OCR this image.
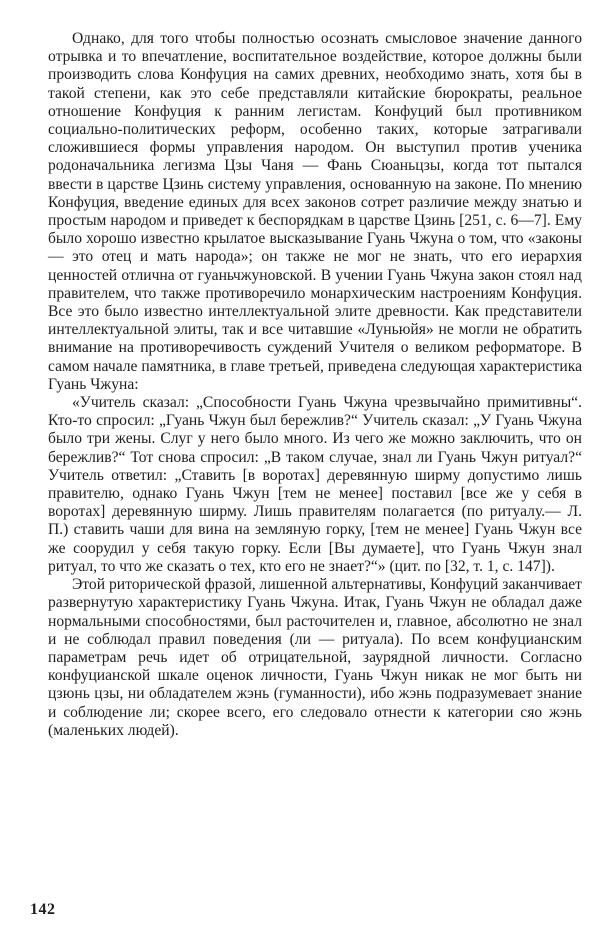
Однако, для того чтобы полностью осознать смысловое значение данного отрывка и то впечатление, воспитательное воздействие, которое должны были производить слова Конфуция на самих древних, необходимо знать, хотя бы в такой степени, как это себе представляли китайские бюрократы, реальное отношение Конфуция к ранним легистам. Конфуций был противником социально-политических реформ, особенно таких, которые затрагивали сложившиеся формы управления народом. Он выступил против ученика родоначальника легизма Цзы Чаня — Фань Сюаньцзы, когда тот пытался ввести в царстве Цзинь систему управления, основанную на законе. По мнению Конфуция, введение единых для всех законов сотрет различие между знатью и простым народом и приведет к беспорядкам в царстве Цзинь [251, с. 6—7]. Ему было хорошо известно крылатое высказывание Гуань Чжуна о том, что «законы — это отец и мать народа»; он также не мог не знать, что его иерархия ценностей отлична от гуаньчжуновской. В учении Гуань Чжуна закон стоял над правителем, что также противоречило монархическим настроениям Конфуция. Все это было известно интеллектуальной элите древности. Как представители интеллектуальной элиты, так и все читавшие «Луньюйя» не могли не обратить внимание на противоречивость суждений Учителя о великом реформаторе. В самом начале памятника, в главе третьей, приведена следующая характеристика Гуань Чжуна:

«Учитель сказал: „Способности Гуань Чжуна чрезвычайно примитивны“. Кто-то спросил: „Гуань Чжун был бережлив?“ Учитель сказал: „У Гуань Чжуна было три жены. Слуг у него было много. Из чего же можно заключить, что он бережлив?“ Тот снова спросил: „В таком случае, знал ли Гуань Чжун ритуал?“ Учитель ответил: „Ставить [в воротах] деревянную ширму допустимо лишь правителю, однако Гуань Чжун [тем не менее] поставил [все же у себя в воротах] деревянную ширму. Лишь правителям полагается (по ритуалу.— Л. П.) ставить чаши для вина на земляную горку, [тем не менее] Гуань Чжун все же соорудил у себя такую горку. Если [Вы думаете], что Гуань Чжун знал ритуал, то что же сказать о тех, кто его не знает?“» (цит. по [32, т. 1, с. 147]).

Этой риторической фразой, лишенной альтернативы, Конфуций заканчивает развернутую характеристику Гуань Чжуна. Итак, Гуань Чжун не обладал даже нормальными способностями, был расточителен и, главное, абсолютно не знал и не соблюдал правил поведения (ли — ритуала). По всем конфуцианским параметрам речь идет об отрицательной, заурядной личности. Согласно конфуцианской шкале оценок личности, Гуань Чжун никак не мог быть ни цзюнь цзы, ни обладателем жэнь (гуманности), ибо жэнь подразумевает знание и соблюдение ли; скорее всего, его следовало отнести к категории сяо жэнь (маленьких людей).

142
